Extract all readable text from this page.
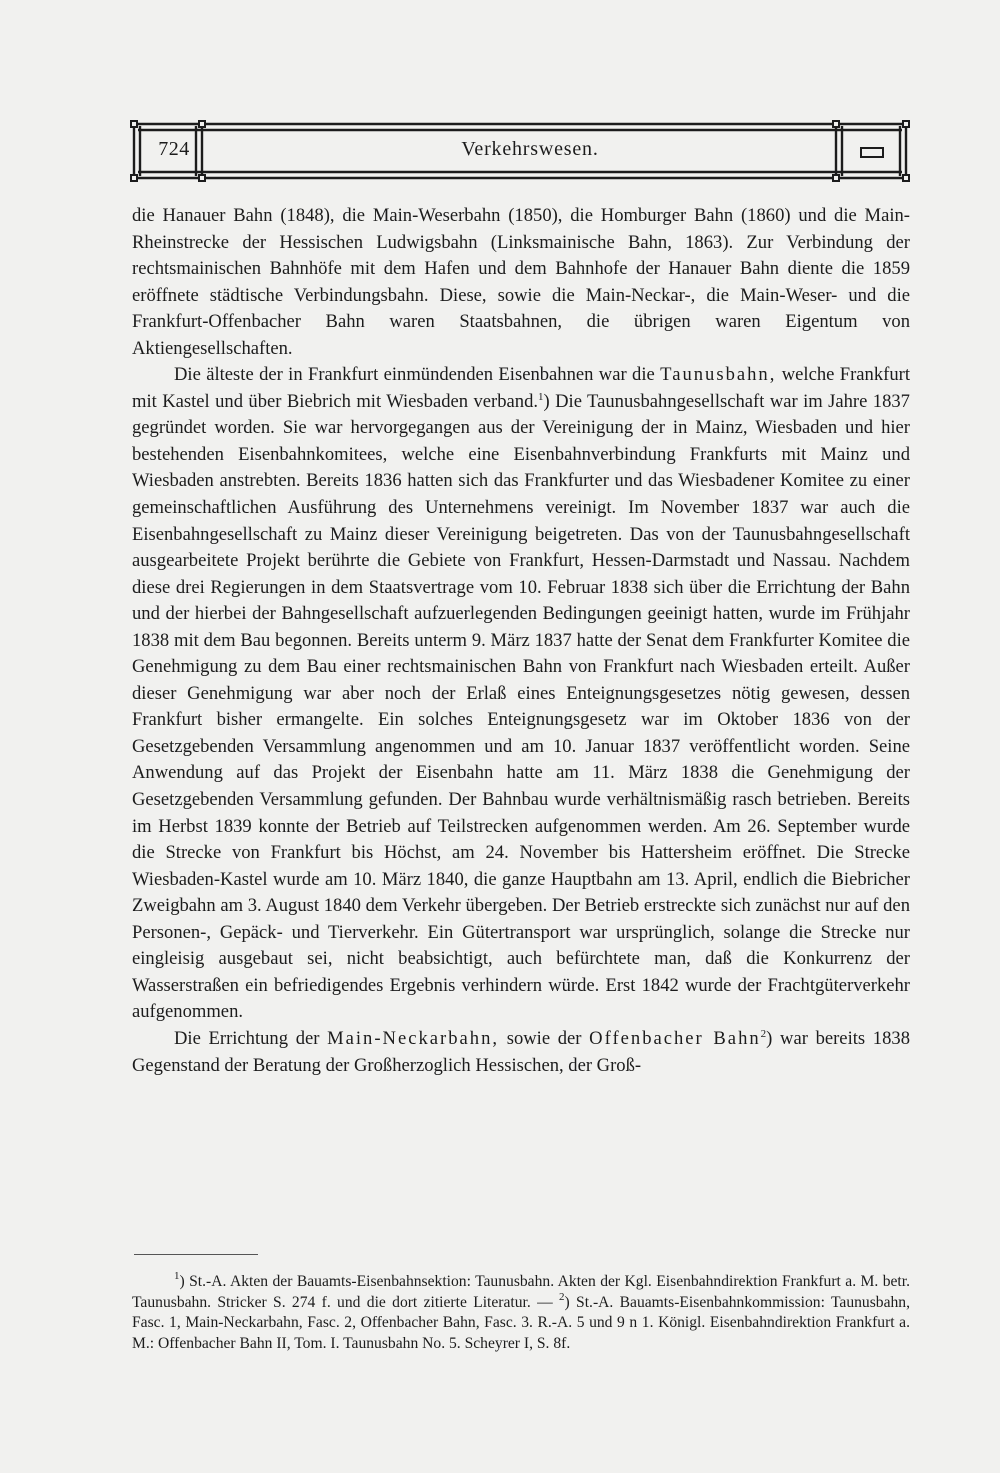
724	Verkehrswesen.

die Hanauer Bahn (1848), die Main-Weserbahn (1850), die Homburger Bahn (1860) und die Main-Rheinstrecke der Hessischen Ludwigsbahn (Linksmainische Bahn, 1863). Zur Verbindung der rechtsmainischen Bahnhöfe mit dem Hafen und dem Bahnhofe der Hanauer Bahn diente die 1859 eröffnete städtische Verbindungsbahn. Diese, sowie die Main-Neckar-, die Main-Weser- und die Frankfurt-Offenbacher Bahn waren Staatsbahnen, die übrigen waren Eigentum von Aktiengesellschaften.

Die älteste der in Frankfurt einmündenden Eisenbahnen war die Taunusbahn, welche Frankfurt mit Kastel und über Biebrich mit Wiesbaden verband.$^1$) Die Taunusbahngesellschaft war im Jahre 1837 gegründet worden. Sie war hervorgegangen aus der Vereinigung der in Mainz, Wiesbaden und hier bestehenden Eisenbahnkomitees, welche eine Eisenbahnverbindung Frankfurts mit Mainz und Wiesbaden anstrebten. Bereits 1836 hatten sich das Frankfurter und das Wiesbadener Komitee zu einer gemeinschaftlichen Ausführung des Unternehmens vereinigt. Im November 1837 war auch die Eisenbahngesellschaft zu Mainz dieser Vereinigung beigetreten. Das von der Taunusbahngesellschaft ausgearbeitete Projekt berührte die Gebiete von Frankfurt, Hessen-Darmstadt und Nassau. Nachdem diese drei Regierungen in dem Staatsvertrage vom 10. Februar 1838 sich über die Errichtung der Bahn und der hierbei der Bahngesellschaft aufzuerlegenden Bedingungen geeinigt hatten, wurde im Frühjahr 1838 mit dem Bau begonnen. Bereits unterm 9. März 1837 hatte der Senat dem Frankfurter Komitee die Genehmigung zu dem Bau einer rechtsmainischen Bahn von Frankfurt nach Wiesbaden erteilt. Außer dieser Genehmigung war aber noch der Erlaß eines Enteignungsgesetzes nötig gewesen, dessen Frankfurt bisher ermangelte. Ein solches Enteignungsgesetz war im Oktober 1836 von der Gesetzgebenden Versammlung angenommen und am 10. Januar 1837 veröffentlicht worden. Seine Anwendung auf das Projekt der Eisenbahn hatte am 11. März 1838 die Genehmigung der Gesetzgebenden Versammlung gefunden. Der Bahnbau wurde verhältnismäßig rasch betrieben. Bereits im Herbst 1839 konnte der Betrieb auf Teilstrecken aufgenommen werden. Am 26. September wurde die Strecke von Frankfurt bis Höchst, am 24. November bis Hattersheim eröffnet. Die Strecke Wiesbaden-Kastel wurde am 10. März 1840, die ganze Hauptbahn am 13. April, endlich die Biebricher Zweigbahn am 3. August 1840 dem Verkehr übergeben. Der Betrieb erstreckte sich zunächst nur auf den Personen-, Gepäck- und Tierverkehr. Ein Gütertransport war ursprünglich, solange die Strecke nur eingleisig ausgebaut sei, nicht beabsichtigt, auch befürchtete man, daß die Konkurrenz der Wasserstraßen ein befriedigendes Ergebnis verhindern würde. Erst 1842 wurde der Frachtgüterverkehr aufgenommen.

Die Errichtung der Main-Neckarbahn, sowie der Offenbacher Bahn$^2$) war bereits 1838 Gegenstand der Beratung der Großherzoglich Hessischen, der Groß-

$^1$) St.-A. Akten der Bauamts-Eisenbahnsektion: Taunusbahn. Akten der Kgl. Eisenbahndirektion Frankfurt a. M. betr. Taunusbahn. Stricker S. 274 f. und die dort zitierte Literatur. — $^2$) St.-A. Bauamts-Eisenbahnkommission: Taunusbahn, Fasc. 1, Main-Neckarbahn, Fasc. 2, Offenbacher Bahn, Fasc. 3. R.-A. 5 und 9 n 1. Königl. Eisenbahndirektion Frankfurt a. M.: Offenbacher Bahn II, Tom. I. Taunusbahn No. 5. Scheyrer I, S. 8f.
